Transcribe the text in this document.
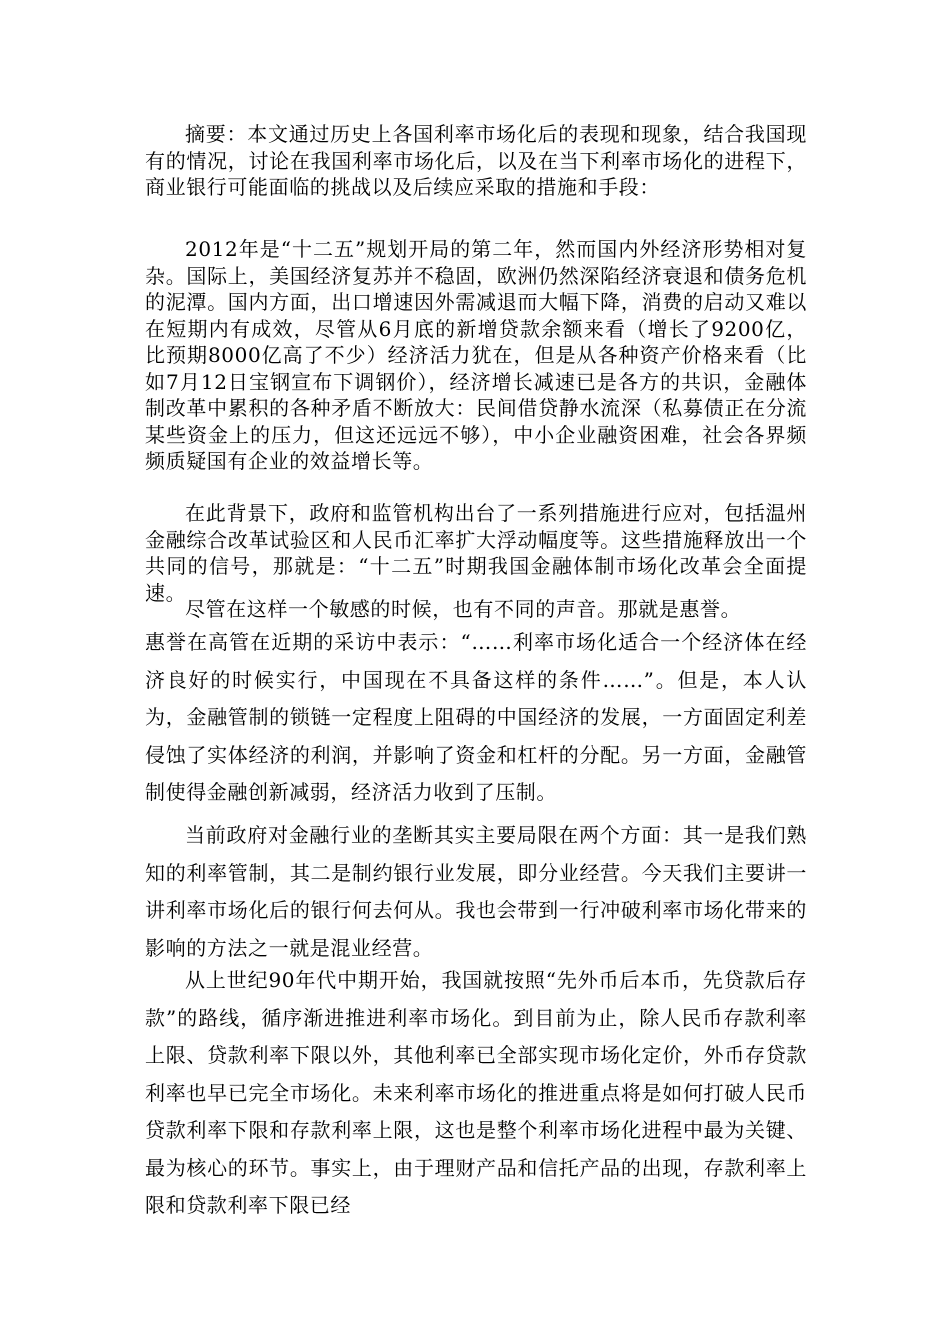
摘要：本文通过历史上各国利率市场化后的表现和现象，结合我国现有的情况，讨论在我国利率市场化后，以及在当下利率市场化的进程下，商业银行可能面临的挑战以及后续应采取的措施和手段：

2012年是“十二五”规划开局的第二年，然而国内外经济形势相对复杂。国际上，美国经济复苏并不稳固，欧洲仍然深陷经济衰退和债务危机的泥潭。国内方面，出口增速因外需减退而大幅下降，消费的启动又难以在短期内有成效，尽管从6月底的新增贷款余额来看（增长了9200亿，比预期8000亿高了不少）经济活力犹在，但是从各种资产价格来看（比如7月12日宝钢宣布下调钢价），经济增长减速已是各方的共识，金融体制改革中累积的各种矛盾不断放大：民间借贷静水流深（私募债正在分流某些资金上的压力，但这还远远不够），中小企业融资困难，社会各界频频质疑国有企业的效益增长等。

在此背景下，政府和监管机构出台了一系列措施进行应对，包括温州金融综合改革试验区和人民币汇率扩大浮动幅度等。这些措施释放出一个共同的信号，那就是：“十二五”时期我国金融体制市场化改革会全面提速。

尽管在这样一个敏感的时候，也有不同的声音。那就是惠誉。
惠誉在高管在近期的采访中表示：“……利率市场化适合一个经济体在经济良好的时候实行，中国现在不具备这样的条件……”。但是，本人认为，金融管制的锁链一定程度上阻碍的中国经济的发展，一方面固定利差侵蚀了实体经济的利润，并影响了资金和杠杆的分配。另一方面，金融管制使得金融创新减弱，经济活力收到了压制。

当前政府对金融行业的垄断其实主要局限在两个方面：其一是我们熟知的利率管制，其二是制约银行业发展，即分业经营。今天我们主要讲一讲利率市场化后的银行何去何从。我也会带到一行冲破利率市场化带来的影响的方法之一就是混业经营。

从上世纪90年代中期开始，我国就按照“先外币后本币，先贷款后存款”的路线，循序渐进推进利率市场化。到目前为止，除人民币存款利率上限、贷款利率下限以外，其他利率已全部实现市场化定价，外币存贷款利率也早已完全市场化。未来利率市场化的推进重点将是如何打破人民币贷款利率下限和存款利率上限，这也是整个利率市场化进程中最为关键、最为核心的环节。事实上，由于理财产品和信托产品的出现，存款利率上限和贷款利率下限已经
